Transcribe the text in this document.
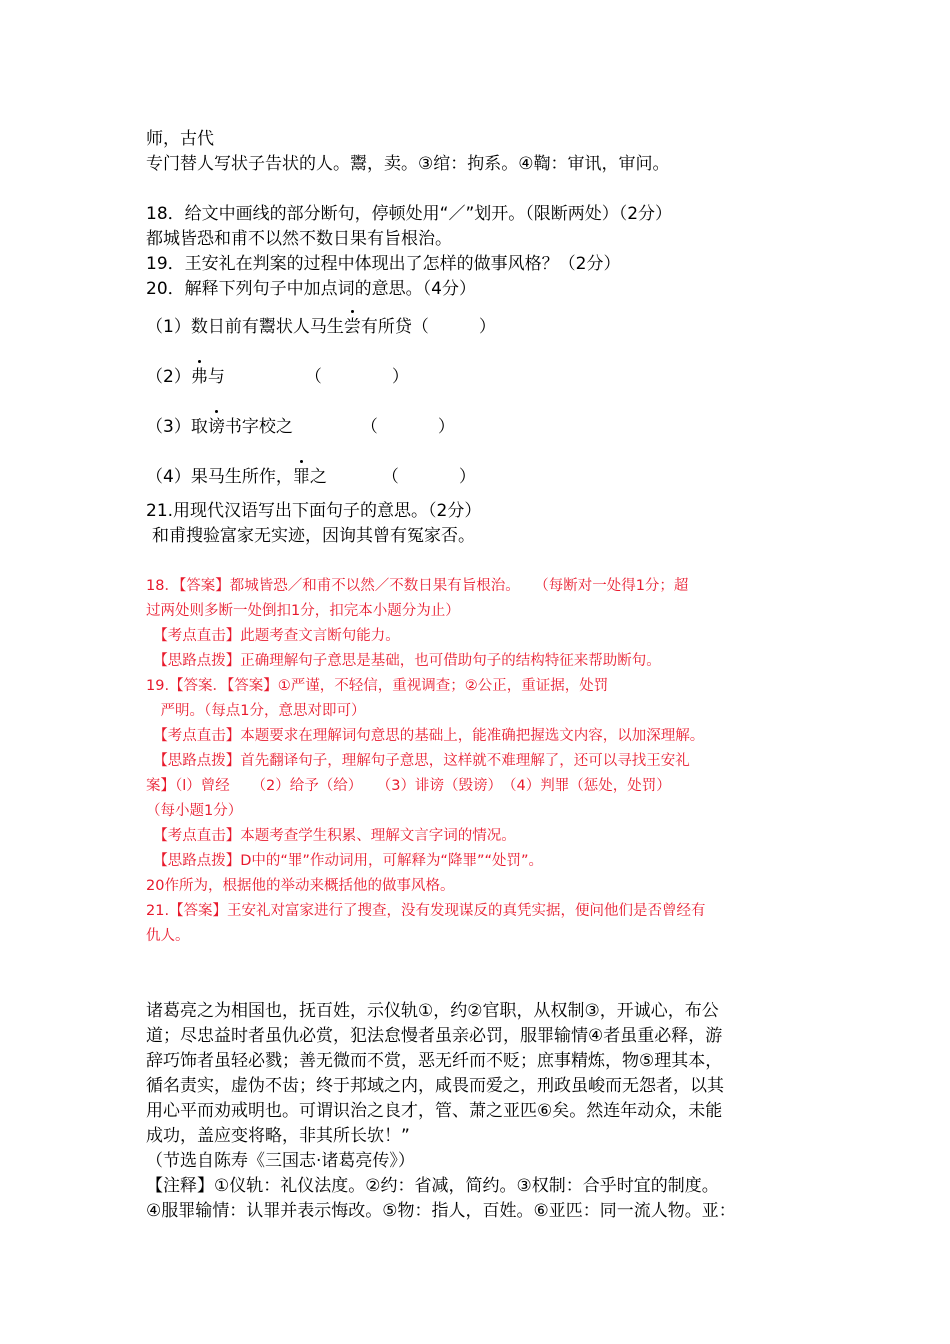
师，古代
专门替人写状子告状的人。鬻，卖。③绾：拘系。④鞫：审讯，审问。
18．给文中画线的部分断句，停顿处用“／”划开。（限断两处）（2分）
都城皆恐和甫不以然不数日果有旨根治。
19．王安礼在判案的过程中体现出了怎样的做事风格？（2分）
20．解释下列句子中加点词的意思。（4分）
（1）数日前有鬻状人马生尝有所贷（	）
（2）弗与	（	）
（3）取谤书字校之	（	）
（4）果马生所作，罪之	（	）
21.用现代汉语写出下面句子的意思。（2分）
和甫搜验富家无实迹，因询其曾有冤家否。
18．【答案】都城皆恐／和甫不以然／不数日果有旨根治。　　（每断对一处得1分；超
过两处则多断一处倒扣1分，扣完本小题分为止）
　【考点直击】此题考查文言断句能力。
　【思路点拨】正确理解句子意思是基础，也可借助句子的结构特征来帮助断句。
19.【答案．【答案】①严谨，不轻信，重视调查；②公正，重证据，处罚
　严明。（每点1分，意思对即可）
　【考点直击】本题要求在理解词句意思的基础上，能准确把握选文内容，以加深理解。
　【思路点拨】首先翻译句子，理解句子意思，这样就不难理解了，还可以寻找王安礼
案】（l）曾经　　（2）给予（给）　　（3）诽谤（毁谤）　（4）判罪（惩处，处罚）
（每小题1分）
　【考点直击】本题考查学生积累、理解文言字词的情况。
　【思路点拨】D中的“罪”作动词用，可解释为“降罪”“处罚”。
20作所为，根据他的举动来概括他的做事风格。
21.【答案】王安礼对富家进行了搜查，没有发现谋反的真凭实据，便问他们是否曾经有
仇人。
诸葛亮之为相国也，抚百姓，示仪轨①，约②官职，从权制③，开诚心，布公
道；尽忠益时者虽仇必赏，犯法怠慢者虽亲必罚，服罪输情④者虽重必释，游
辞巧饰者虽轻必戮；善无微而不赏，恶无纤而不贬；庶事精炼，物⑤理其本，
循名责实，虚伪不齿；终于邦域之内，咸畏而爱之，刑政虽峻而无怨者，以其
用心平而劝戒明也。可谓识治之良才，管、萧之亚匹⑥矣。然连年动众，未能
成功，盖应变将略，非其所长欤！”
（节选自陈寿《三国志·诸葛亮传》）
【注释】①仪轨：礼仪法度。②约：省减，简约。③权制：合乎时宜的制度。
④服罪输情：认罪并表示悔改。⑤物：指人，百姓。⑥亚匹：同一流人物。亚：
